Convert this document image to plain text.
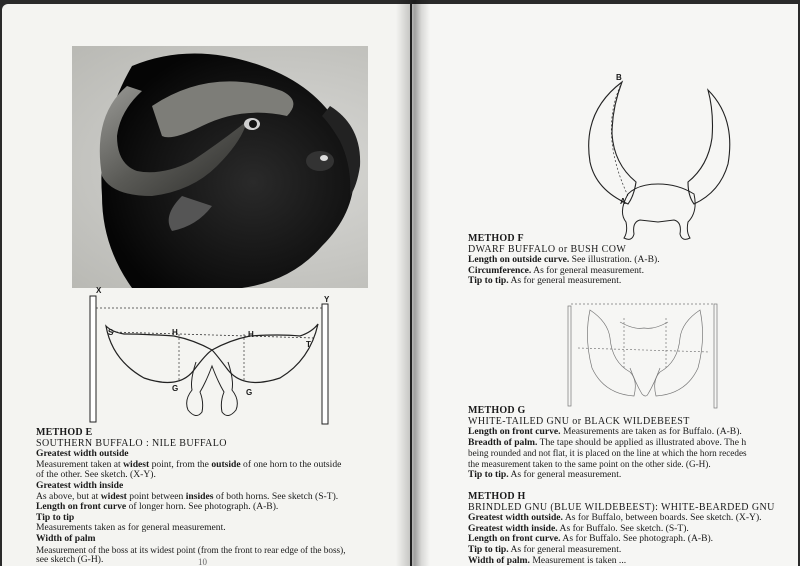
X
Y
S	H	H
T
G	G
METHOD E
SOUTHERN BUFFALO : NILE BUFFALO
Greatest width outside
Measurement taken at widest point, from the outside of one horn to the outside
of the other. See sketch. (X-Y).
Greatest width inside
As above, but at widest point between insides of both horns. See sketch (S-T).
Length on front curve of longer horn. See photograph. (A-B).
Tip to tip
Measurements taken as for general measurement.
Width of palm
Measurement of the boss at its widest point (from the front to rear edge of the boss),
see sketch (G-H).	10
B
A
METHOD F
DWARF BUFFALO or BUSH COW
Length on outside curve. See illustration. (A-B).
Circumference. As for general measurement.
Tip to tip. As for general measurement.
METHOD G
WHITE-TAILED GNU or BLACK WILDEBEEST
Length on front curve. Measurements are taken as for Buffalo. (A-B).
Breadth of palm. The tape should be applied as illustrated above. The h
being rounded and not flat, it is placed on the line at which the horn recedes
the measurement taken to the same point on the other side. (G-H).
Tip to tip. As for general measurement.
METHOD H
BRINDLED GNU (BLUE WILDEBEEST): WHITE-BEARDED GNU
Greatest width outside. As for Buffalo, between boards. See sketch. (X-Y).
Greatest width inside. As for Buffalo. See sketch. (S-T).
Length on front curve. As for Buffalo. See photograph. (A-B).
Tip to tip. As for general measurement.
Width of palm. Measurement is taken ...
